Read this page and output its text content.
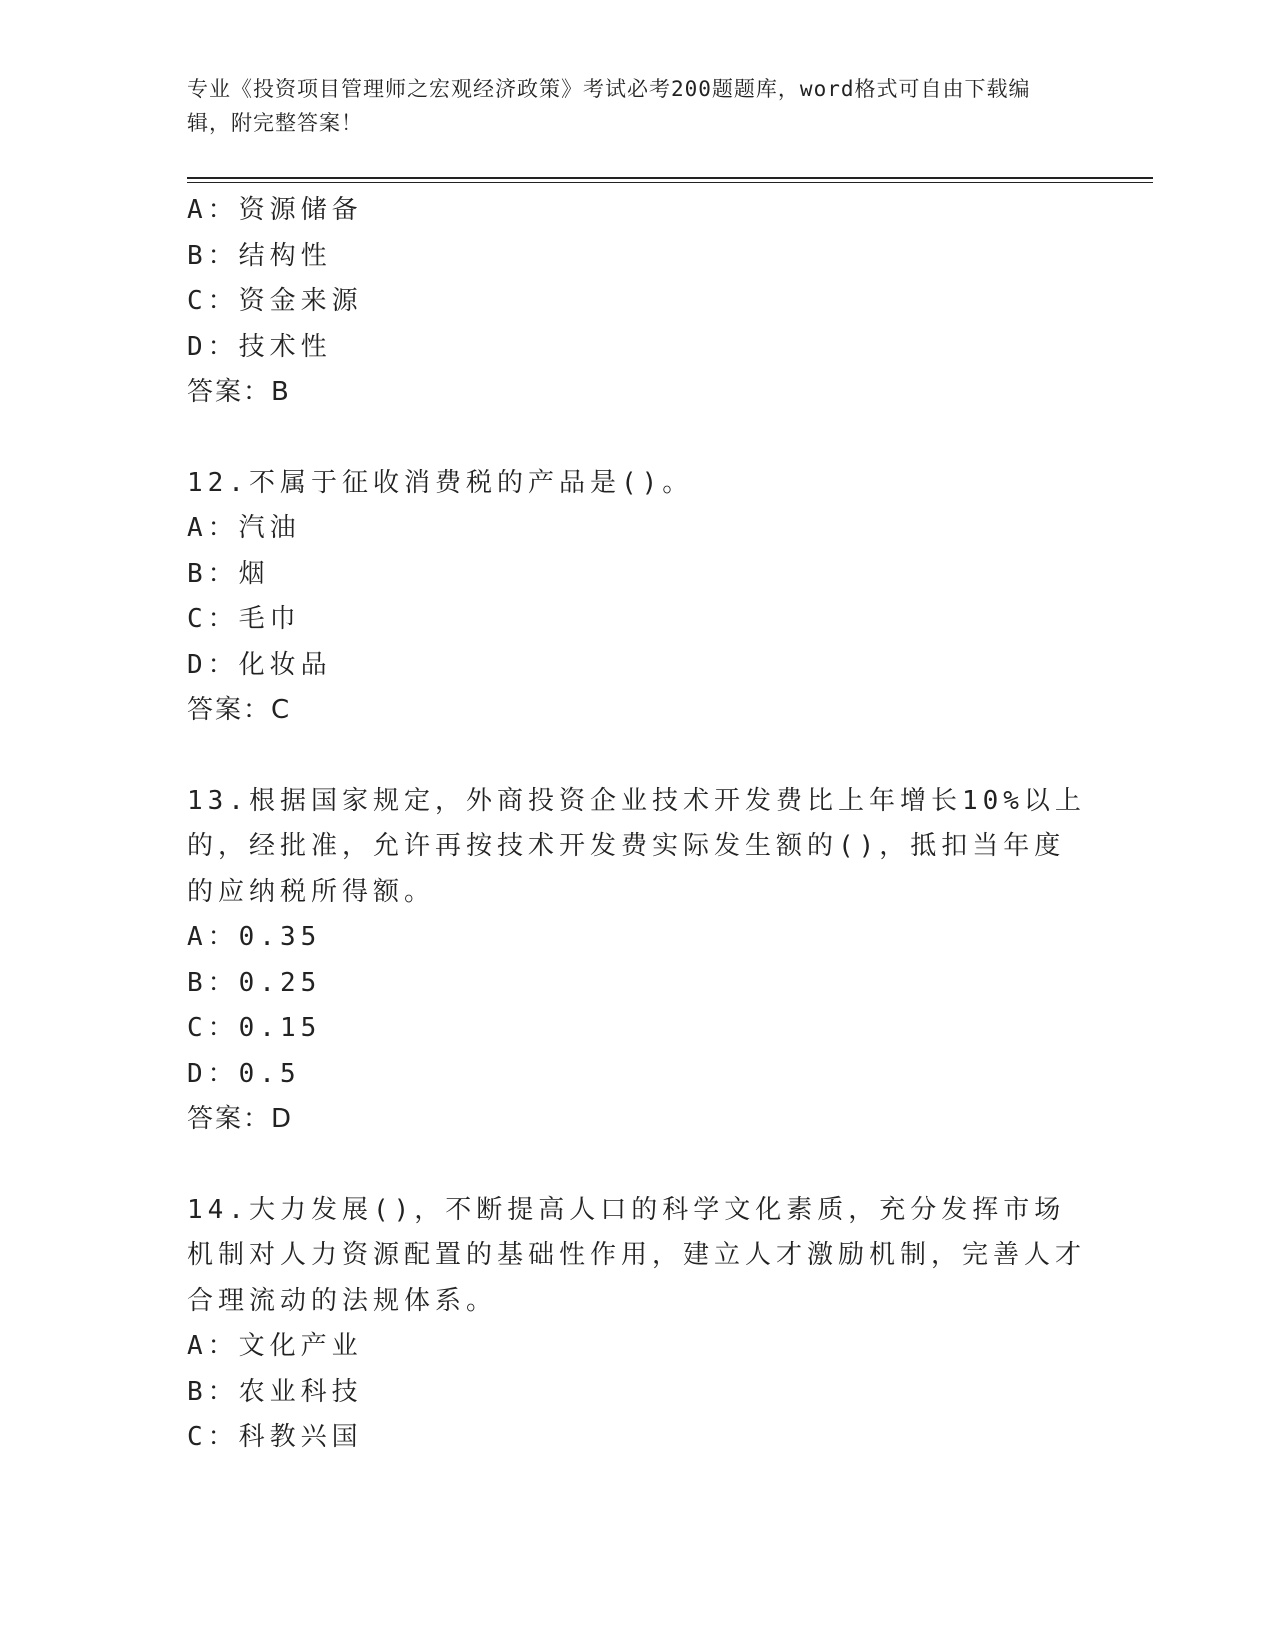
专业《投资项目管理师之宏观经济政策》考试必考200题题库，word格式可自由下载编辑，附完整答案！
A：资源储备
B：结构性
C：资金来源
D：技术性
答案：B
12.不属于征收消费税的产品是()。
A：汽油
B：烟
C：毛巾
D：化妆品
答案：C
13.根据国家规定，外商投资企业技术开发费比上年增长10%以上的，经批准，允许再按技术开发费实际发生额的()，抵扣当年度的应纳税所得额。
A：0.35
B：0.25
C：0.15
D：0.5
答案：D
14.大力发展()，不断提高人口的科学文化素质，充分发挥市场机制对人力资源配置的基础性作用，建立人才激励机制，完善人才合理流动的法规体系。
A：文化产业
B：农业科技
C：科教兴国
